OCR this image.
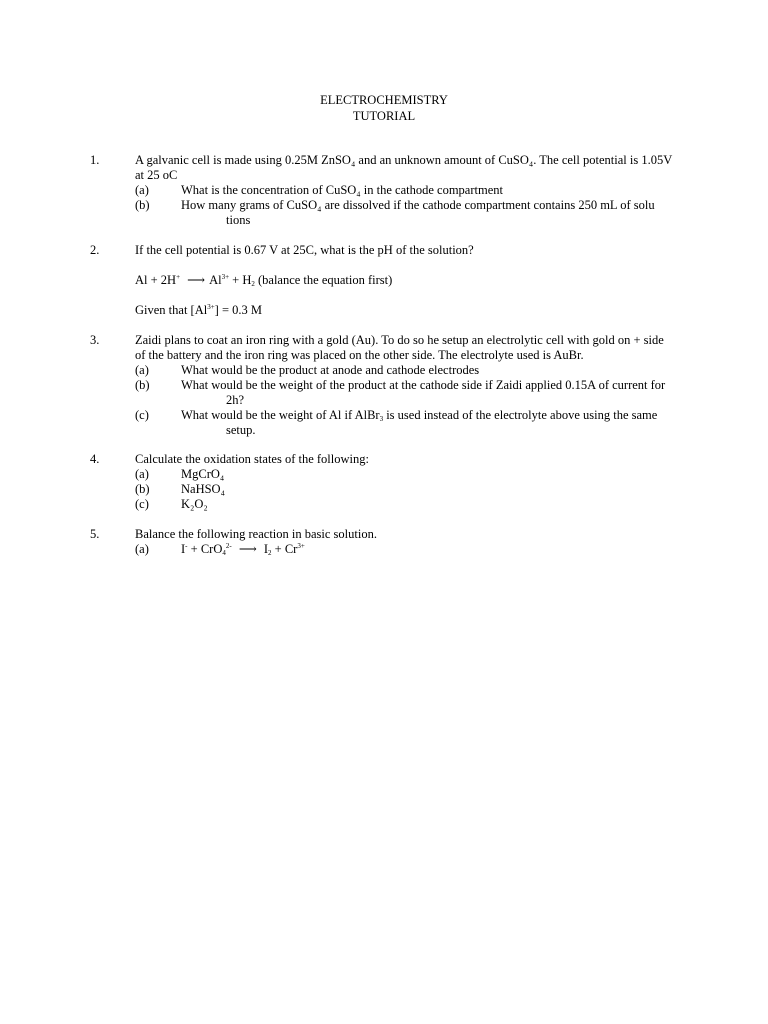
ELECTROCHEMISTRY
TUTORIAL
1.	A galvanic cell is made using 0.25M ZnSO₄ and an unknown amount of CuSO₄. The cell potential is 1.05V
at 25 oC
(a)	What is the concentration of CuSO₄ in the cathode compartment
(b)	How many grams of CuSO₄ are dissolved if the cathode compartment contains 250 mL of solu
tions
2.	If the cell potential is 0.67 V at 25C, what is the pH of the solution?
Al + 2H+ ⟶ $Al^{3+} + H_2$ (balance the equation first)
Given that $[Al^{3+}] = 0.3$ M
3.	Zaidi plans to coat an iron ring with a gold (Au). To do so he setup an electrolytic cell with gold on + side
of the battery and the iron ring was placed on the other side. The electrolyte used is AuBr.
(a)	What would be the product at anode and cathode electrodes
(b)	What would be the weight of the product at the cathode side if Zaidi applied 0.15A of current for
2h?
(c)	What would be the weight of Al if AlBr$_3$ is used instead of the electrolyte above using the same
setup.
4.	Calculate the oxidation states of the following:
(a)	MgCrO₄
(b)	NaHSO₄
(c)	K₂O₂
5.	Balance the following reaction in basic solution.
(a)	I- + CrO$_4^{2-}$ ⟶ $I_2 + Cr^{3+}$
